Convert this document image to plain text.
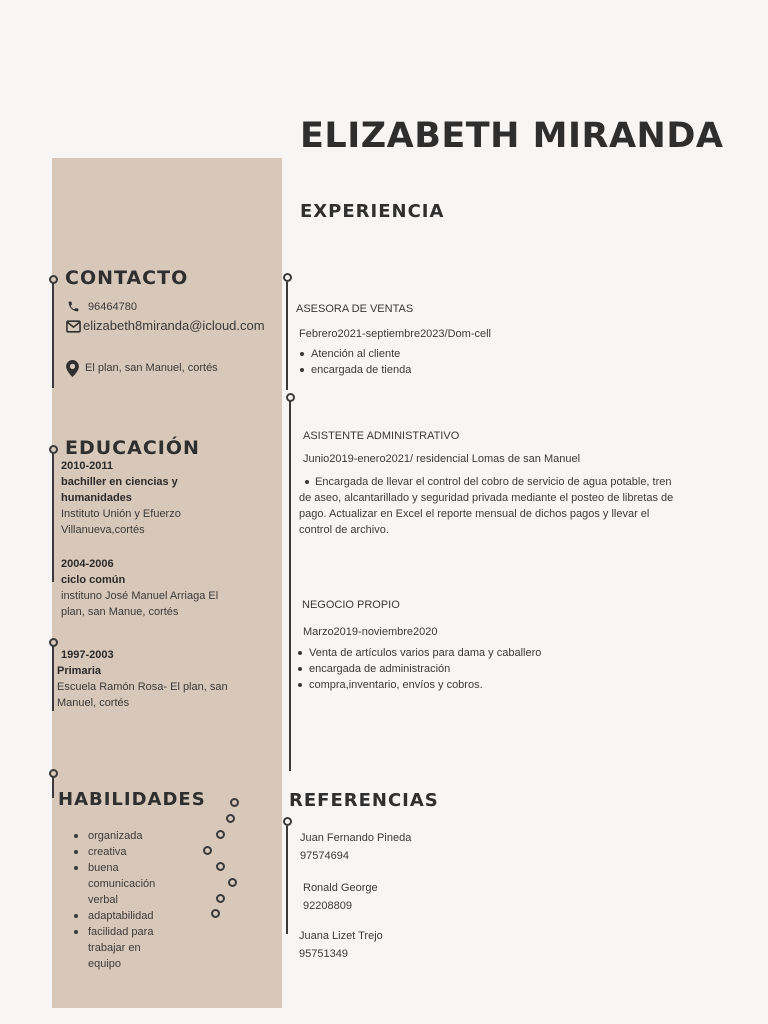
ELIZABETH MIRANDA
EXPERIENCIA
ASESORA DE VENTAS
Febrero2021-septiembre2023/Dom-cell
Atención al cliente
encargada de tienda
ASISTENTE ADMINISTRATIVO
Junio2019-enero2021/ residencial Lomas de san Manuel
Encargada de llevar el control del cobro de servicio de agua potable, tren de aseo, alcantarillado y seguridad privada mediante el posteo de libretas de pago. Actualizar en Excel el reporte mensual de dichos pagos y llevar el control de archivo.
NEGOCIO PROPIO
Marzo2019-noviembre2020
Venta de artículos varios para dama y caballero
encargada de administración
compra,inventario, envíos y cobros.
REFERENCIAS
Juan Fernando Pineda
97574694
Ronald George
92208809
Juana Lizet Trejo
95751349
CONTACTO
96464780
elizabeth8miranda@icloud.com
El plan, san Manuel, cortés
EDUCACIÓN
2010-2011
bachiller en ciencias y humanidades
Instituto Unión y Efuerzo Villanueva,cortés
2004-2006
ciclo común
instituno José Manuel Arriaga El plan, san Manue, cortés
1997-2003
Primaria
Escuela Ramón Rosa- El plan, san Manuel, cortés
HABILIDADES
organizada
creativa
buena comunicación verbal
adaptabilidad
facilidad para trabajar en equipo
